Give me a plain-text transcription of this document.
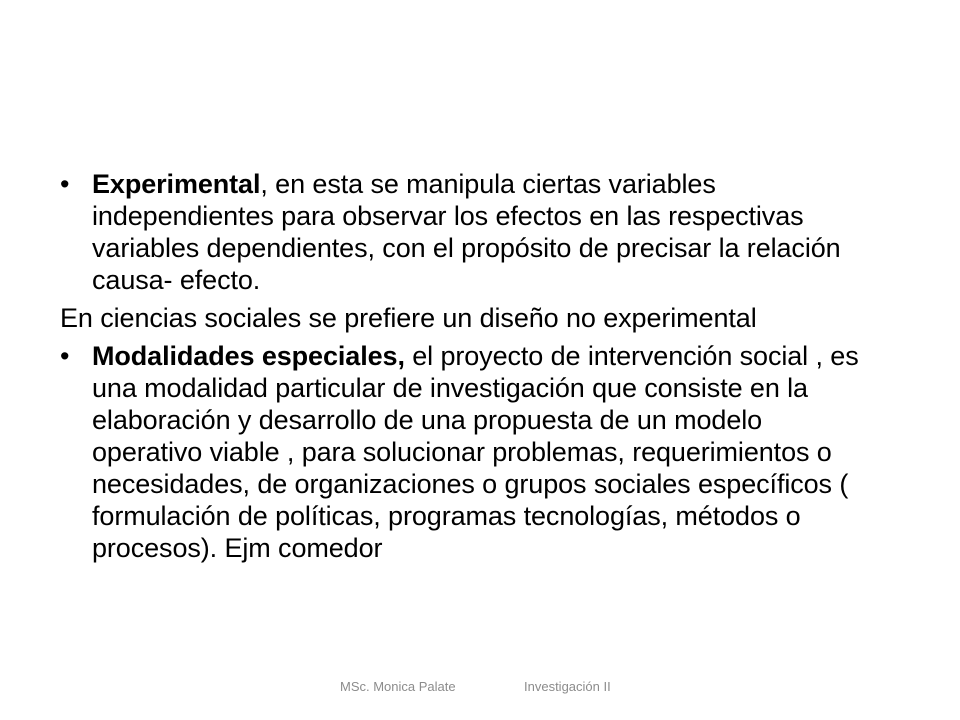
• Experimental, en esta se manipula ciertas variables independientes para observar los efectos en las respectivas variables dependientes, con el propósito de precisar la relación causa- efecto.

En ciencias sociales se prefiere un diseño no experimental

• Modalidades especiales, el proyecto de intervención social , es una modalidad particular de investigación que consiste en la elaboración y desarrollo de una propuesta de un modelo operativo viable , para solucionar problemas, requerimientos o necesidades, de organizaciones o grupos sociales específicos ( formulación de políticas, programas tecnologías, métodos o procesos). Ejm comedor

MSc. Monica Palate	Investigación II
